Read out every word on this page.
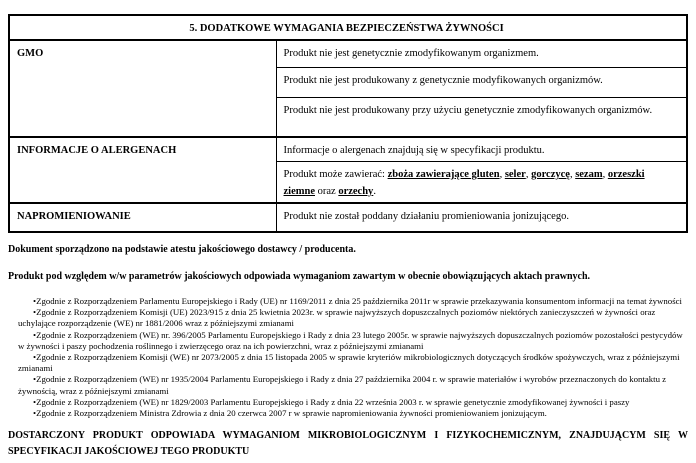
5. DODATKOWE WYMAGANIA BEZPIECZEŃSTWA ŻYWNOŚCI	
GMO	Produkt nie jest genetycznie zmodyfikowanym organizmem.
	Produkt nie jest produkowany z genetycznie modyfikowanych organizmów.
	Produkt nie jest produkowany przy użyciu genetycznie zmodyfikowanych organizmów.
INFORMACJE O ALERGENACH	Informacje o alergenach znajdują się w specyfikacji produktu.
	Produkt może zawierać: zboża zawierające gluten, seler, gorczycę, sezam, orzeszki ziemne oraz orzechy.
NAPROMIENIOWANIE	Produkt nie został poddany działaniu promieniowania jonizującego.
Dokument sporządzono na podstawie atestu jakościowego dostawcy / producenta.
Produkt pod względem w/w parametrów jakościowych odpowiada wymaganiom zawartym w obecnie obowiązujących aktach prawnych.
• Zgodnie z Rozporządzeniem Parlamentu Europejskiego i Rady (UE) nr 1169/2011 z dnia 25 października 2011r w sprawie przekazywania konsumentom informacji na temat żywności
• Zgodnie z Rozporządzeniem Komisji (UE) 2023/915 z dnia 25 kwietnia 2023r. w sprawie najwyższych dopuszczalnych poziomów niektórych zanieczyszczeń w żywności oraz uchylające rozporządzenie (WE) nr 1881/2006 wraz z późniejszymi zmianami
• Zgodnie z Rozporządzeniem (WE) nr. 396/2005 Parlamentu Europejskiego i Rady z dnia 23 lutego 2005r. w sprawie najwyższych dopuszczalnych poziomów pozostałości pestycydów w żywności i paszy pochodzenia roślinnego i zwierzęcego oraz na ich powierzchni, wraz z późniejszymi zmianami
• Zgodnie z Rozporządzeniem Komisji (WE) nr 2073/2005 z dnia 15 listopada 2005 w sprawie kryteriów mikrobiologicznych dotyczących środków spożywczych, wraz z późniejszymi zmianami
• Zgodnie z Rozporządzeniem (WE) nr 1935/2004 Parlamentu Europejskiego i Rady z dnia 27 października 2004 r. w sprawie materiałów i wyrobów przeznaczonych do kontaktu z żywnością, wraz z późniejszymi zmianami
• Zgodnie z Rozporządzeniem (WE) nr 1829/2003 Parlamentu Europejskiego i Rady z dnia 22 września 2003 r. w sprawie genetycznie zmodyfikowanej żywności i paszy
• Zgodnie z Rozporządzeniem Ministra Zdrowia z dnia 20 czerwca 2007 r w sprawie napromieniowania żywności promieniowaniem jonizującym.
DOSTARCZONY PRODUKT ODPOWIADA WYMAGANIOM MIKROBIOLOGICZNYM I FIZYKOCHEMICZNYM, ZNAJDUJĄCYM SIĘ W SPECYFIKACJI JAKOŚCIOWEJ TEGO PRODUKTU
